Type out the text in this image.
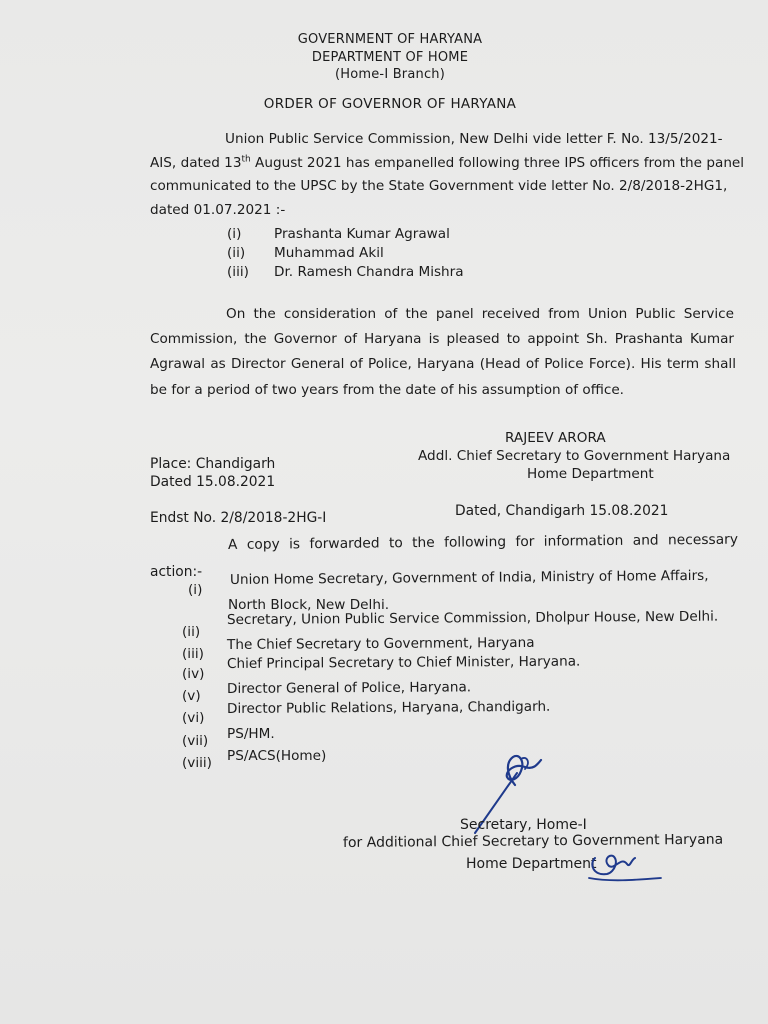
GOVERNMENT OF HARYANA
DEPARTMENT OF HOME
(Home-I Branch)
ORDER OF GOVERNOR OF HARYANA
Union Public Service Commission, New Delhi vide letter F. No. 13/5/2021-
AIS, dated 13th August 2021 has empanelled following three IPS officers from the panel
communicated to the UPSC by the State Government vide letter No. 2/8/2018-2HG1,
dated 01.07.2021 :-
(i) Prashanta Kumar Agrawal
(ii) Muhammad Akil
(iii) Dr. Ramesh Chandra Mishra
On the consideration of the panel received from Union Public Service
Commission, the Governor of Haryana is pleased to appoint Sh. Prashanta Kumar
Agrawal as Director General of Police, Haryana (Head of Police Force). His term shall
be for a period of two years from the date of his assumption of office.
RAJEEV ARORA
Addl. Chief Secretary to Government Haryana
Home Department
Place: Chandigarh
Dated 15.08.2021
Endst No. 2/8/2018-2HG-I	Dated, Chandigarh 15.08.2021
A copy is forwarded to the following for information and necessary
action:-
(i)
Union Home Secretary, Government of India, Ministry of Home Affairs,
North Block, New Delhi.
(ii)
Secretary, Union Public Service Commission, Dholpur House, New Delhi.
(iii)
The Chief Secretary to Government, Haryana
(iv)
Chief Principal Secretary to Chief Minister, Haryana.
(v) Director General of Police, Haryana.
(vi)
Director Public Relations, Haryana, Chandigarh.
(vii) PS/HM.
(viii) PS/ACS(Home)
Secretary, Home-I
for Additional Chief Secretary to Government Haryana
Home Department
